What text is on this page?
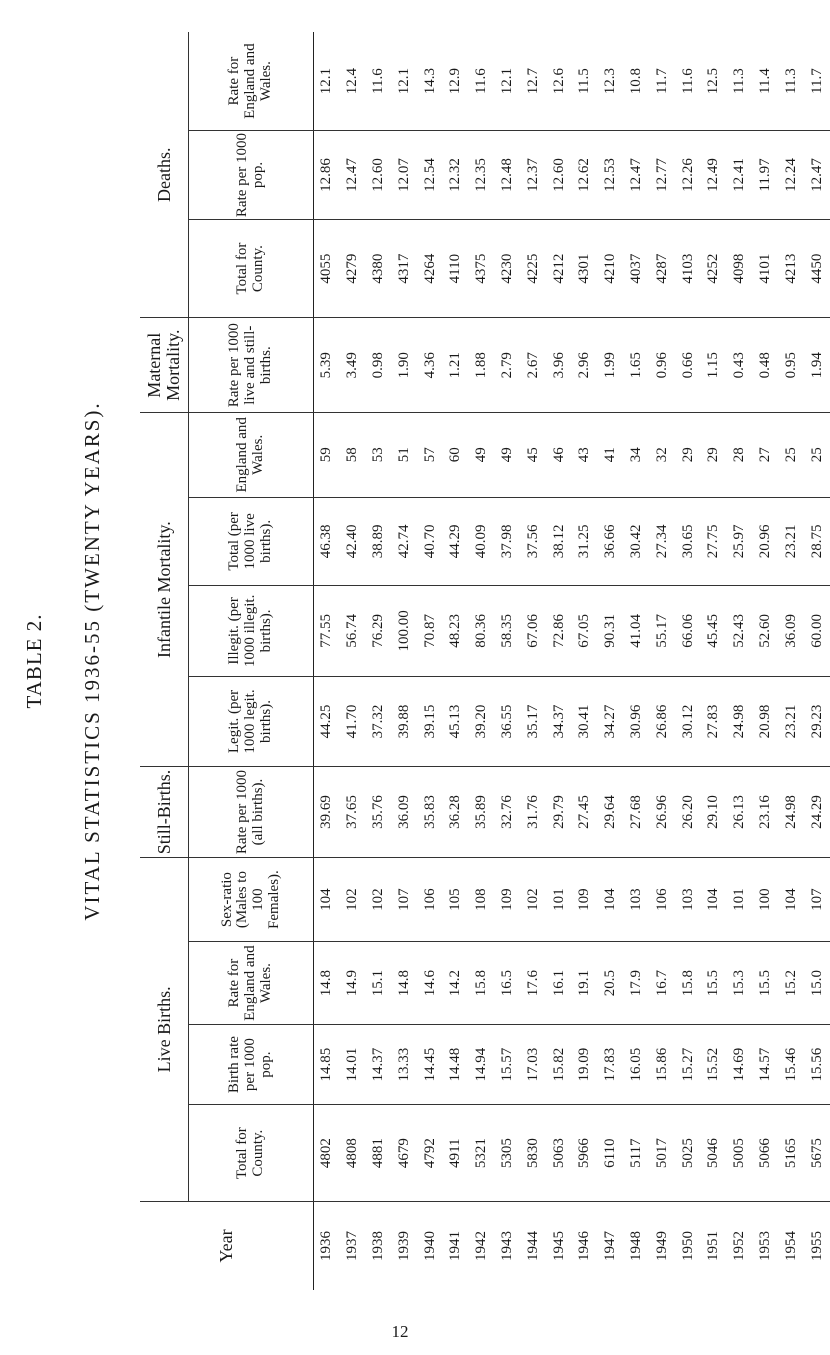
TABLE 2. VITAL STATISTICS 1936-55 (TWENTY YEARS).
Year	Live Births.				Still-Births.	Infantile Mortality.				Maternal Mortality.	Deaths.		
	Total for County.	Birth rate per 1000 pop.	Rate for England and Wales.	Sex-ratio (Males to 100 Females).	Rate per 1000 (all births).	Legit. (per 1000 legit. births).	Illegit. (per 1000 illegit. births).	Total (per 1000 live births).	England and Wales.	Rate per 1000 live and still-births.	Total for County.	Rate per 1000 pop.	Rate for England and Wales.
1936	4802	14.85	14.8	104	39.69	44.25	77.55	46.38	59	5.39	4055	12.86	12.1
1937	4808	14.01	14.9	102	37.65	41.70	56.74	42.40	58	3.49	4279	12.47	12.4
1938	4881	14.37	15.1	102	35.76	37.32	76.29	38.89	53	0.98	4380	12.60	11.6
1939	4679	13.33	14.8	107	36.09	39.88	100.00	42.74	51	1.90	4317	12.07	12.1
1940	4792	14.45	14.6	106	35.83	39.15	70.87	40.70	57	4.36	4264	12.54	14.3
1941	4911	14.48	14.2	105	36.28	45.13	48.23	44.29	60	1.21	4110	12.32	12.9
1942	5321	14.94	15.8	108	35.89	39.20	80.36	40.09	49	1.88	4375	12.35	11.6
1943	5305	15.57	16.5	109	32.76	36.55	58.35	37.98	49	2.79	4230	12.48	12.1
1944	5830	17.03	17.6	102	31.76	35.17	67.06	37.56	45	2.67	4225	12.37	12.7
1945	5063	15.82	16.1	101	29.79	34.37	72.86	38.12	46	3.96	4212	12.60	12.6
1946	5966	19.09	19.1	109	27.45	30.41	67.05	31.25	43	2.96	4301	12.62	11.5
1947	6110	17.83	20.5	104	29.64	34.27	90.31	36.66	41	1.99	4210	12.53	12.3
1948	5117	16.05	17.9	103	27.68	30.96	41.04	30.42	34	1.65	4037	12.47	10.8
1949	5017	15.86	16.7	106	26.96	26.86	55.17	27.34	32	0.96	4287	12.77	11.7
1950	5025	15.27	15.8	103	26.20	30.12	66.06	30.65	29	0.66	4103	12.26	11.6
1951	5046	15.52	15.5	104	29.10	27.83	45.45	27.75	29	1.15	4252	12.49	12.5
1952	5005	14.69	15.3	101	26.13	24.98	52.43	25.97	28	0.43	4098	12.41	11.3
1953	5066	14.57	15.5	100	23.16	20.98	52.60	20.96	27	0.48	4101	11.97	11.4
1954	5165	15.46	15.2	104	24.98	23.21	36.09	23.21	25	0.95	4213	12.24	11.3
1955	5675	15.56	15.0	107	24.29	29.23	60.00	28.75	25	1.94	4450	12.47	11.7
12
